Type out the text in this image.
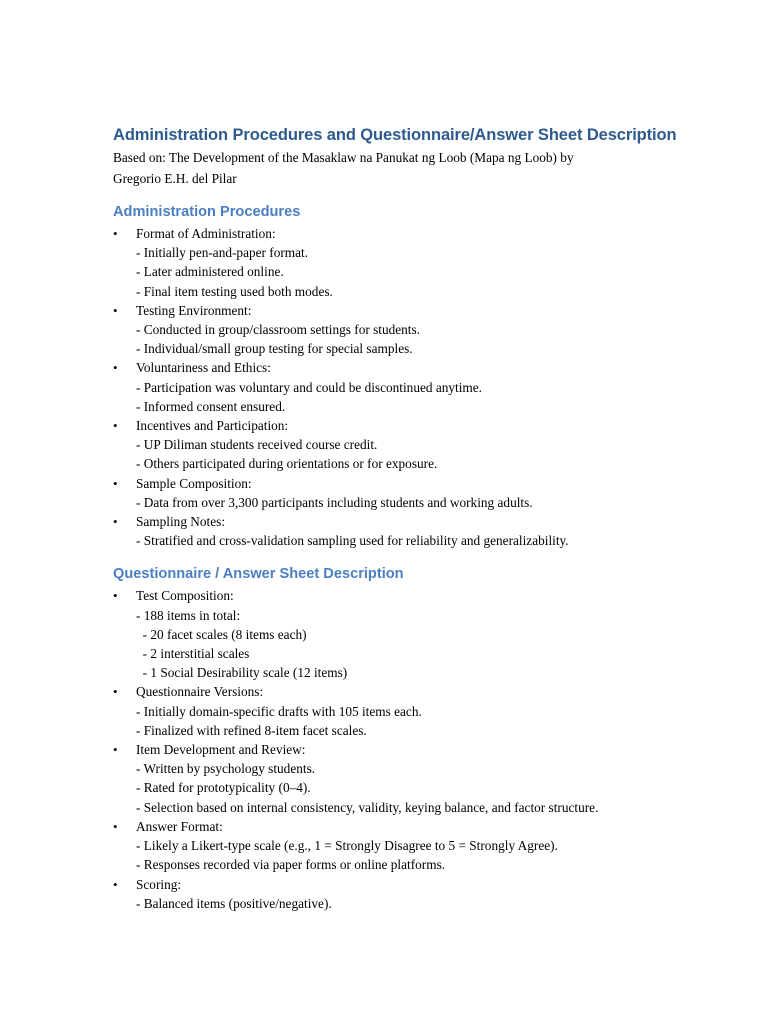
Administration Procedures and Questionnaire/Answer Sheet Description

Based on: The Development of the Masaklaw na Panukat ng Loob (Mapa ng Loob) by
Gregorio E.H. del Pilar

Administration Procedures
• Format of Administration:
- Initially pen-and-paper format.
- Later administered online.
- Final item testing used both modes.
• Testing Environment:
- Conducted in group/classroom settings for students.
- Individual/small group testing for special samples.
• Voluntariness and Ethics:
- Participation was voluntary and could be discontinued anytime.
- Informed consent ensured.
• Incentives and Participation:
- UP Diliman students received course credit.
- Others participated during orientations or for exposure.
• Sample Composition:
- Data from over 3,300 participants including students and working adults.
• Sampling Notes:
- Stratified and cross-validation sampling used for reliability and generalizability.
Questionnaire / Answer Sheet Description
• Test Composition:
- 188 items in total:
- 20 facet scales (8 items each)
- 2 interstitial scales
- 1 Social Desirability scale (12 items)
• Questionnaire Versions:
- Initially domain-specific drafts with 105 items each.
- Finalized with refined 8-item facet scales.
• Item Development and Review:
- Written by psychology students.
- Rated for prototypicality (0–4).
- Selection based on internal consistency, validity, keying balance, and factor structure.
• Answer Format:
- Likely a Likert-type scale (e.g., 1 = Strongly Disagree to 5 = Strongly Agree).
- Responses recorded via paper forms or online platforms.
• Scoring:
- Balanced items (positive/negative).
